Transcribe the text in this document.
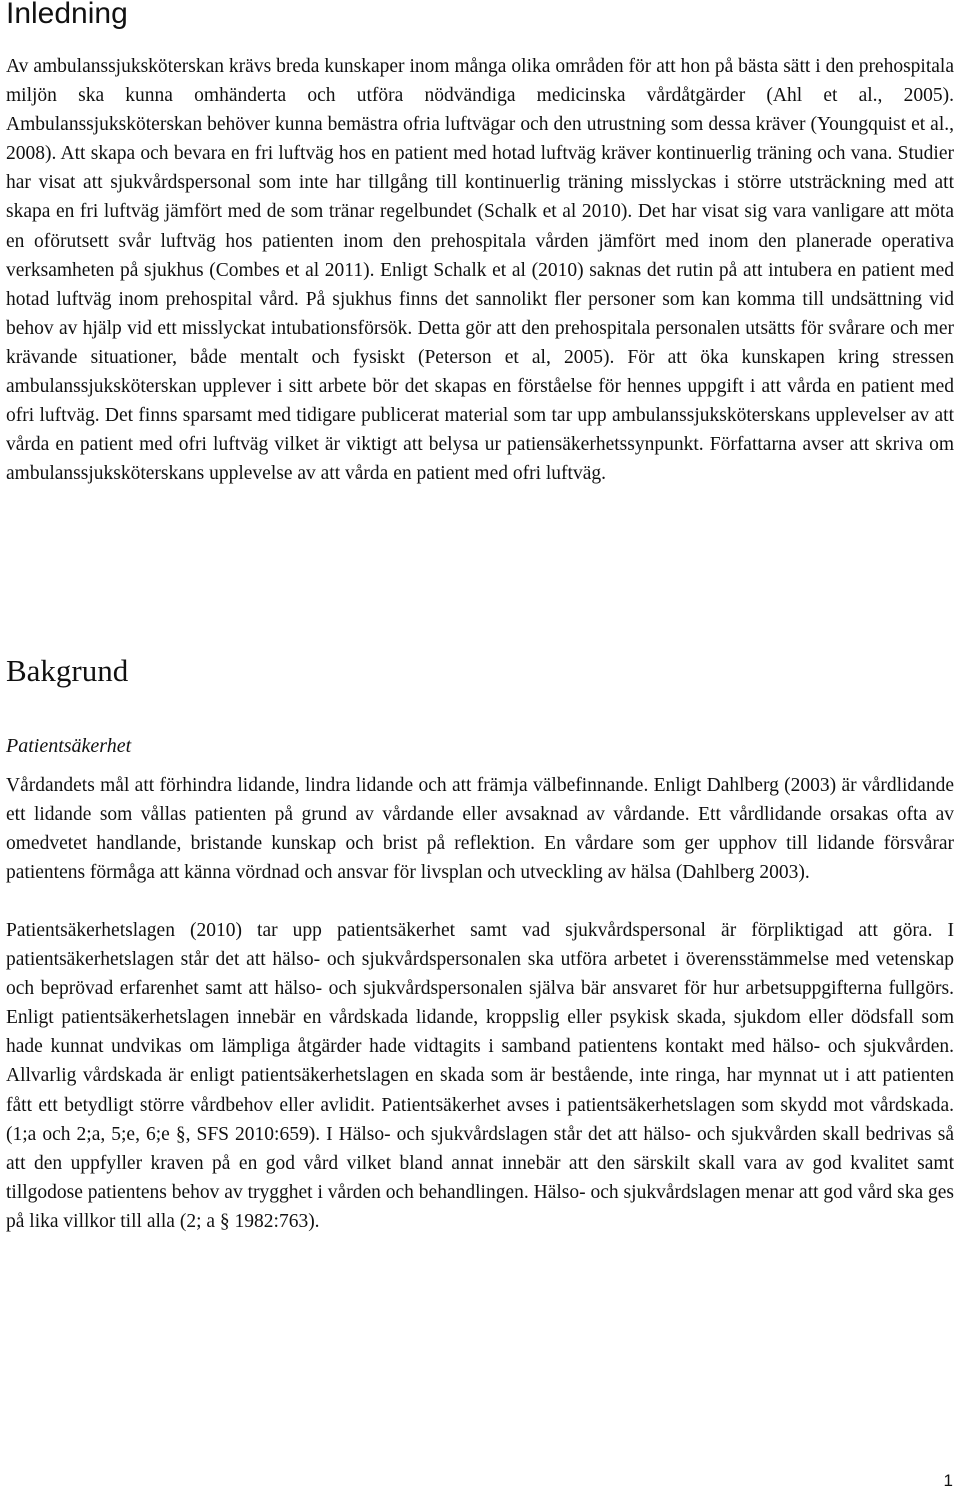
Inledning

Av ambulanssjuksköterskan krävs breda kunskaper inom många olika områden för att hon på bästa sätt i den prehospitala miljön ska kunna omhänderta och utföra nödvändiga medicinska vårdåtgärder (Ahl et al., 2005). Ambulanssjuksköterskan behöver kunna bemästra ofria luftvägar och den utrustning som dessa kräver (Youngquist et al., 2008). Att skapa och bevara en fri luftväg hos en patient med hotad luftväg kräver kontinuerlig träning och vana. Studier har visat att sjukvårdspersonal som inte har tillgång till kontinuerlig träning misslyckas i större utsträckning med att skapa en fri luftväg jämfört med de som tränar regelbundet (Schalk et al 2010). Det har visat sig vara vanligare att möta en oförutsett svår luftväg hos patienten inom den prehospitala vården jämfört med inom den planerade operativa verksamheten på sjukhus (Combes et al 2011). Enligt Schalk et al (2010) saknas det rutin på att intubera en patient med hotad luftväg inom prehospital vård. På sjukhus finns det sannolikt fler personer som kan komma till undsättning vid behov av hjälp vid ett misslyckat intubationsförsök. Detta gör att den prehospitala personalen utsätts för svårare och mer krävande situationer, både mentalt och fysiskt (Peterson et al, 2005). För att öka kunskapen kring stressen ambulanssjuksköterskan upplever i sitt arbete bör det skapas en förståelse för hennes uppgift i att vårda en patient med ofri luftväg. Det finns sparsamt med tidigare publicerat material som tar upp ambulanssjuksköterskans upplevelser av att vårda en patient med ofri luftväg vilket är viktigt att belysa ur patiensäkerhetssynpunkt. Författarna avser att skriva om ambulanssjuksköterskans upplevelse av att vårda en patient med ofri luftväg.

Bakgrund
Patientsäkerhet

Vårdandets mål att förhindra lidande, lindra lidande och att främja välbefinnande. Enligt Dahlberg (2003) är vårdlidande ett lidande som vållas patienten på grund av vårdande eller avsaknad av vårdande. Ett vårdlidande orsakas ofta av omedvetet handlande, bristande kunskap och brist på reflektion. En vårdare som ger upphov till lidande försvårar patientens förmåga att känna vördnad och ansvar för livsplan och utveckling av hälsa (Dahlberg 2003).

Patientsäkerhetslagen (2010) tar upp patientsäkerhet samt vad sjukvårdspersonal är förpliktigad att göra. I patientsäkerhetslagen står det att hälso- och sjukvårdspersonalen ska utföra arbetet i överensstämmelse med vetenskap och beprövad erfarenhet samt att hälso- och sjukvårdspersonalen själva bär ansvaret för hur arbetsuppgifterna fullgörs. Enligt patientsäkerhetslagen innebär en vårdskada lidande, kroppslig eller psykisk skada, sjukdom eller dödsfall som hade kunnat undvikas om lämpliga åtgärder hade vidtagits i samband patientens kontakt med hälso- och sjukvården. Allvarlig vårdskada är enligt patientsäkerhetslagen en skada som är bestående, inte ringa, har mynnat ut i att patienten fått ett betydligt större vårdbehov eller avlidit. Patientsäkerhet avses i patientsäkerhetslagen som skydd mot vårdskada. (1;a och 2;a, 5;e, 6;e §, SFS 2010:659). I Hälso- och sjukvårdslagen står det att hälso- och sjukvården skall bedrivas så att den uppfyller kraven på en god vård vilket bland annat innebär att den särskilt skall vara av god kvalitet samt tillgodose patientens behov av trygghet i vården och behandlingen. Hälso- och sjukvårdslagen menar att god vård ska ges på lika villkor till alla (2; a § 1982:763).

1
